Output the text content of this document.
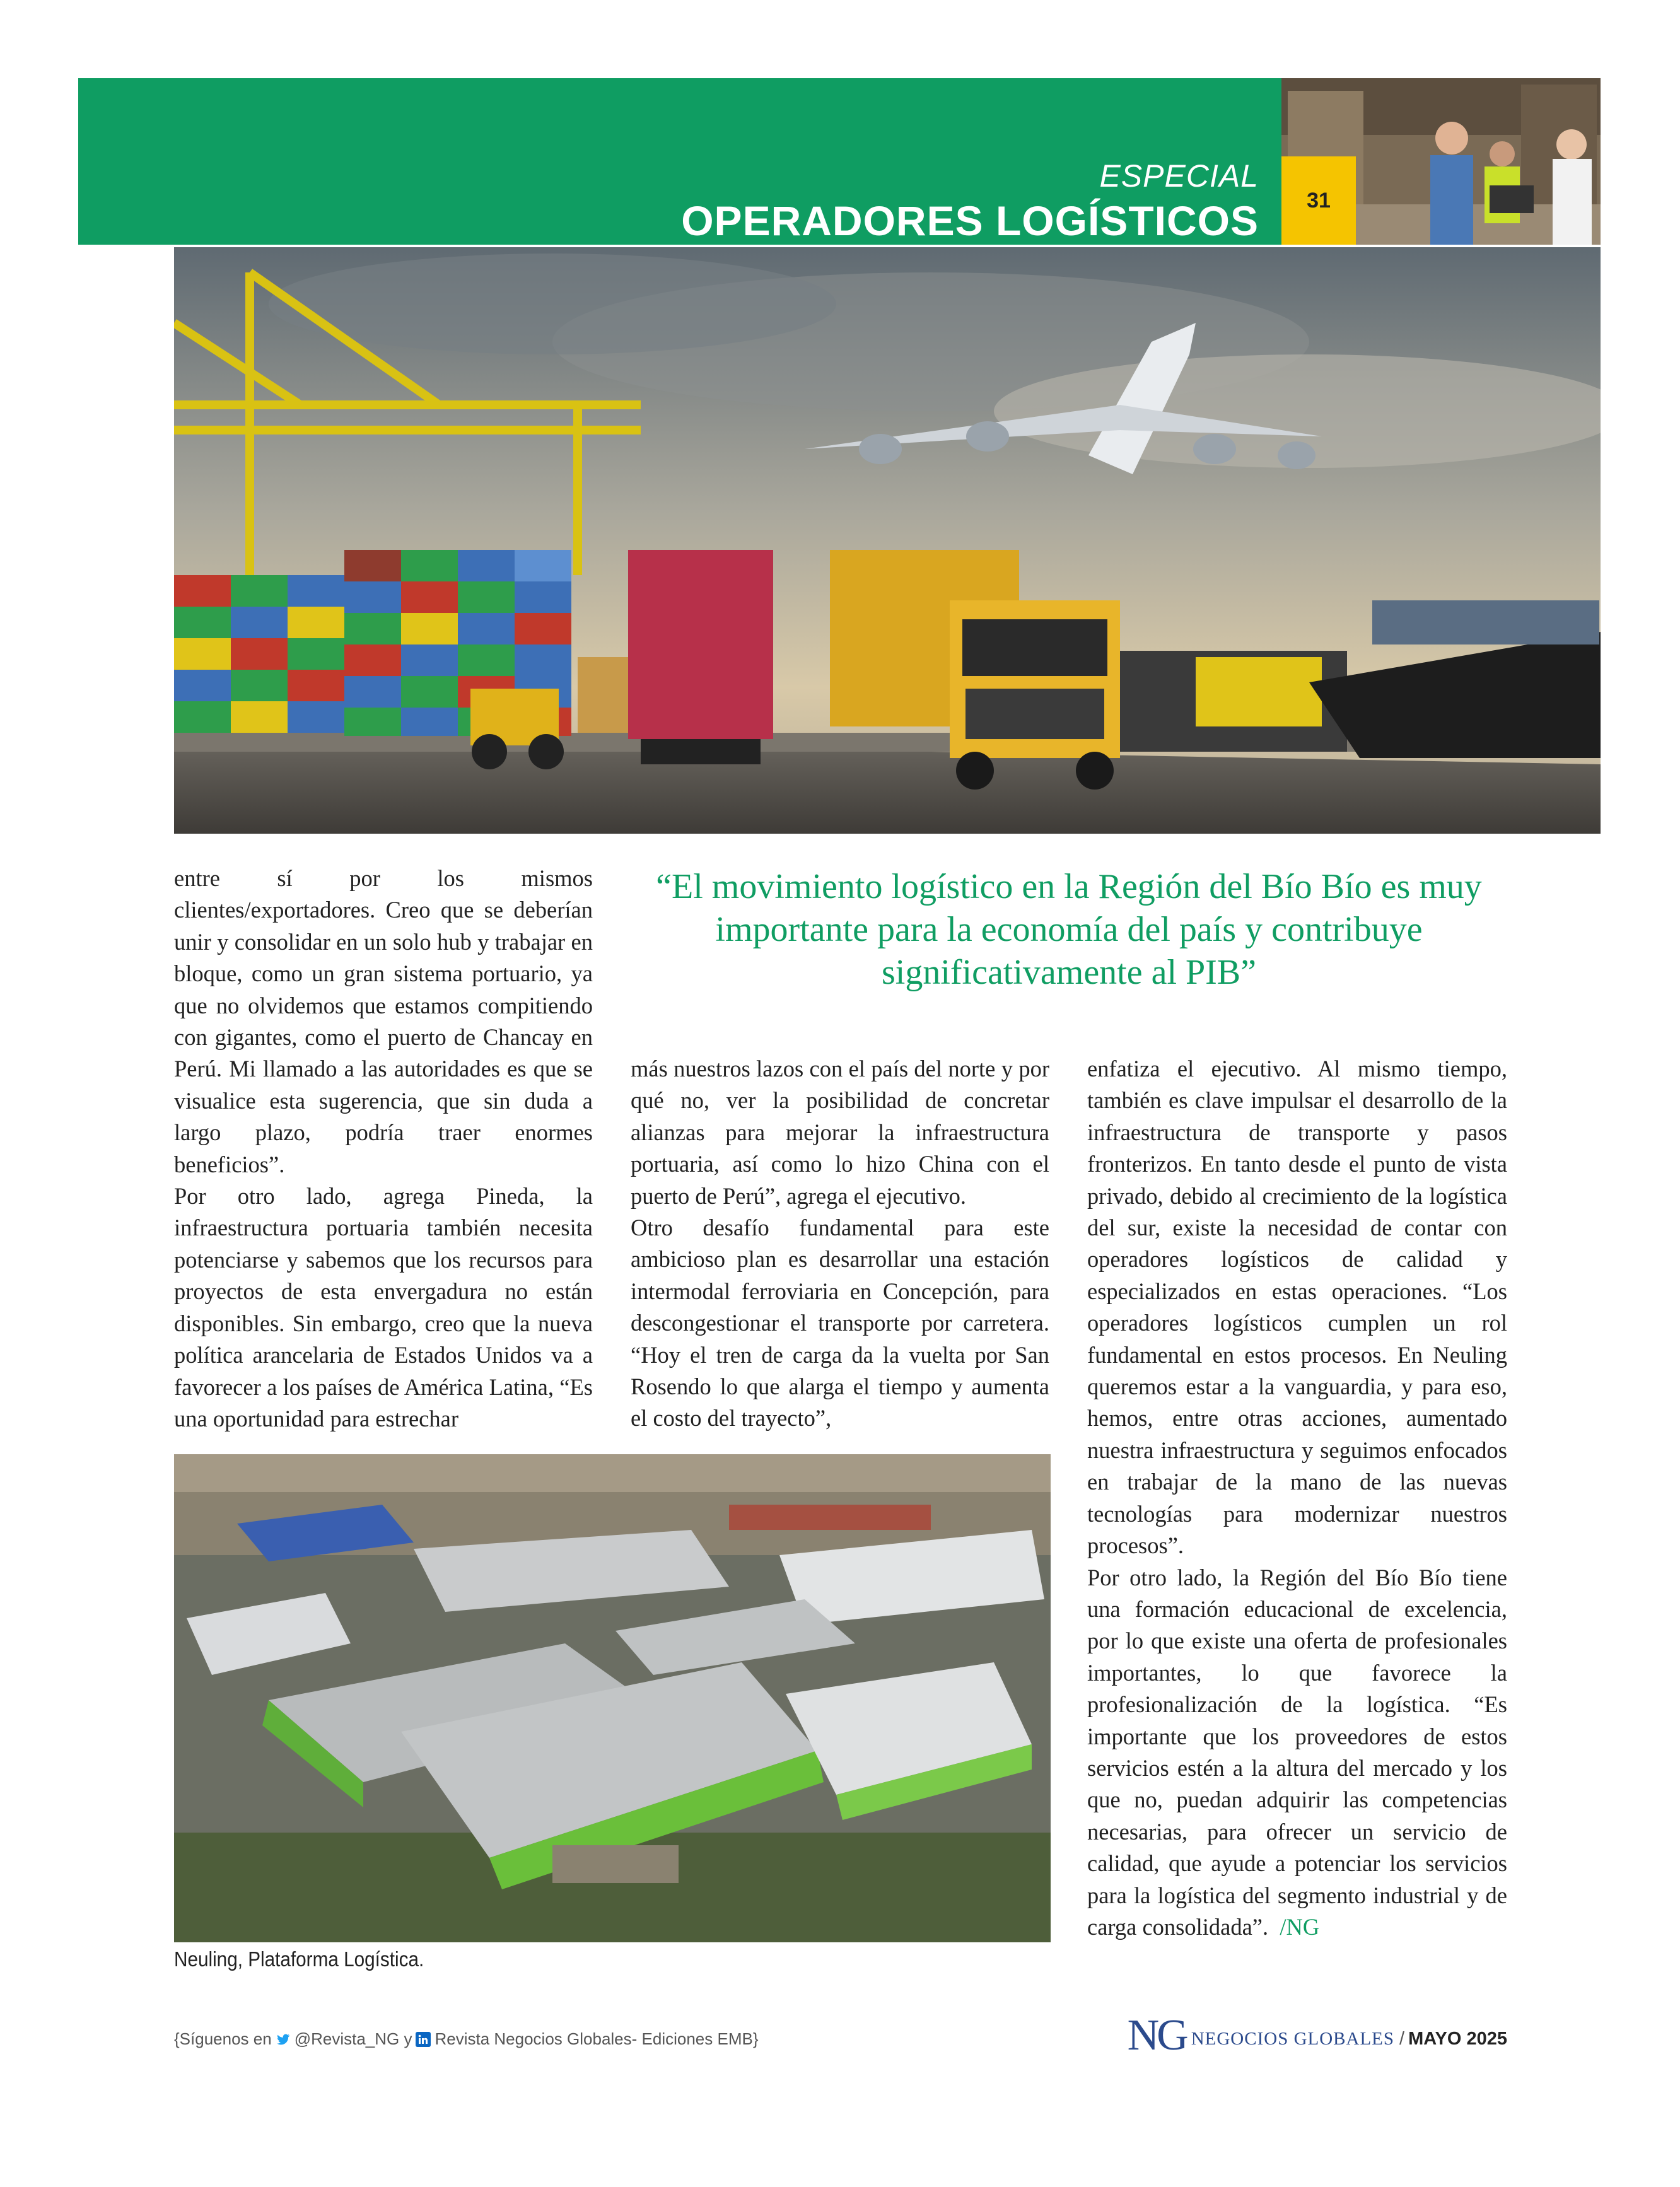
ESPECIAL
OPERADORES LOGÍSTICOS	31

entre sí por los mismos clientes/exportadores. Creo que se deberían unir y consolidar en un solo hub y trabajar en bloque, como un gran sistema portuario, ya que no olvidemos que estamos compitiendo con gigantes, como el puerto de Chancay en Perú. Mi llamado a las autoridades es que se visualice esta sugerencia, que sin duda a largo plazo, podría traer enormes beneficios”.

Por otro lado, agrega Pineda, la infraestructura portuaria también necesita potenciarse y sabemos que los recursos para proyectos de esta envergadura no están disponibles. Sin embargo, creo que la nueva política arancelaria de Estados Unidos va a favorecer a los países de América Latina, “Es una oportunidad para estrechar

“El movimiento logístico en la Región del Bío Bío es muy importante para la economía del país y contribuye significativamente al PIB”

más nuestros lazos con el país del norte y por qué no, ver la posibilidad de concretar alianzas para mejorar la infraestructura portuaria, así como lo hizo China con el puerto de Perú”, agrega el ejecutivo.

Otro desafío fundamental para este ambicioso plan es desarrollar una estación intermodal ferroviaria en Concepción, para descongestionar el transporte por carretera. “Hoy el tren de carga da la vuelta por San Rosendo lo que alarga el tiempo y aumenta el costo del trayecto”,

enfatiza el ejecutivo. Al mismo tiempo, también es clave impulsar el desarrollo de la infraestructura de transporte y pasos fronterizos. En tanto desde el punto de vista privado, debido al crecimiento de la logística del sur, existe la necesidad de contar con operadores logísticos de calidad y especializados en estas operaciones. “Los operadores logísticos cumplen un rol fundamental en estos procesos. En Neuling queremos estar a la vanguardia, y para eso, hemos, entre otras acciones, aumentado nuestra infraestructura y seguimos enfocados en trabajar de la mano de las nuevas tecnologías para modernizar nuestros procesos”.

Por otro lado, la Región del Bío Bío tiene una formación educacional de excelencia, por lo que existe una oferta de profesionales importantes, lo que favorece la profesionalización de la logística. “Es importante que los proveedores de estos servicios estén a la altura del mercado y los que no, puedan adquirir las competencias necesarias, para ofrecer un servicio de calidad, que ayude a potenciar los servicios para la logística del segmento industrial y de carga consolidada”. /NG

Neuling, Plataforma Logística.
{Síguenos en @Revista_NG y Revista Negocios Globales- Ediciones EMB}	NG NEGOCIOS GLOBALES / MAYO 2025
